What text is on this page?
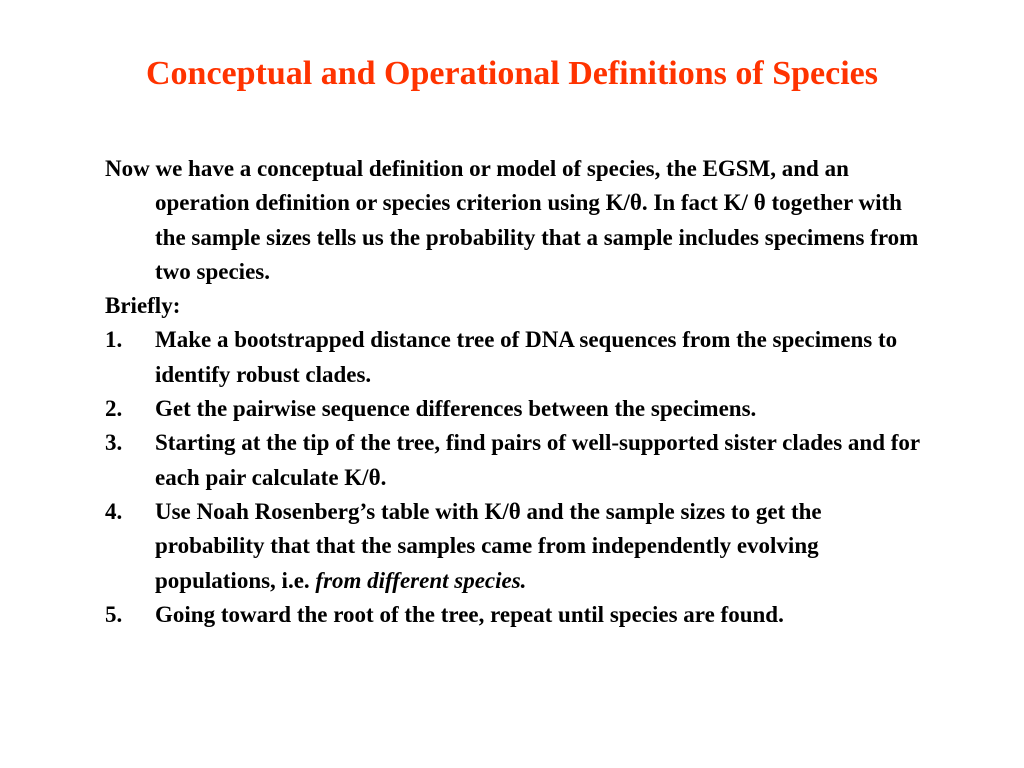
Conceptual and Operational Definitions of Species
Now we have a conceptual definition or model of species, the EGSM, and an operation definition or species criterion using K/θ. In fact K/ θ together with the sample sizes tells us the probability that a sample includes specimens from two species.
Briefly:
1.	Make a bootstrapped distance tree of DNA sequences from the specimens to identify robust clades.
2.	Get the pairwise sequence differences between the specimens.
3.	Starting at the tip of the tree, find pairs of well-supported sister clades and for each pair calculate K/θ.
4.	Use Noah Rosenberg’s table with K/θ and the sample sizes to get the probability that that the samples came from independently evolving populations, i.e. from different species.
5.	Going toward the root of the tree, repeat until species are found.
